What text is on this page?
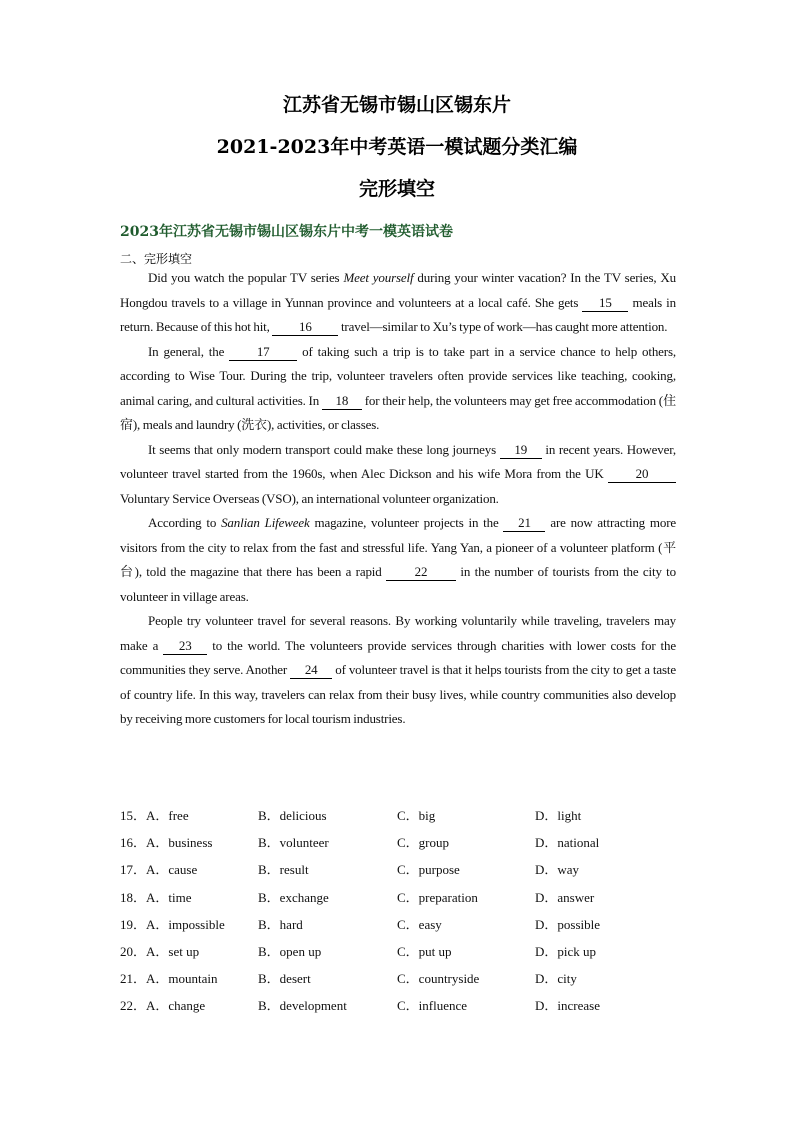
江苏省无锡市锡山区锡东片
2021-2023年中考英语一模试题分类汇编
完形填空
2023年江苏省无锡市锡山区锡东片中考一模英语试卷
二、完形填空

Did you watch the popular TV series Meet yourself during your winter vacation? In the TV series, Xu Hongdou travels to a village in Yunnan province and volunteers at a local café. She gets 15 meals in return. Because of this hot hit, 16 travel—similar to Xu’s type of work—has caught more attention.

In general, the 17 of taking such a trip is to take part in a service chance to help others, according to Wise Tour. During the trip, volunteer travelers often provide services like teaching, cooking, animal caring, and cultural activities. In 18 for their help, the volunteers may get free accommodation (住宿), meals and laundry (洗衣), activities, or classes.

It seems that only modern transport could make these long journeys 19 in recent years. However, volunteer travel started from the 1960s, when Alec Dickson and his wife Mora from the UK 20 Voluntary Service Overseas (VSO), an international volunteer organization.

According to Sanlian Lifeweek magazine, volunteer projects in the 21 are now attracting more visitors from the city to relax from the fast and stressful life. Yang Yan, a pioneer of a volunteer platform (平台), told the magazine that there has been a rapid 22 in the number of tourists from the city to volunteer in village areas.

People try volunteer travel for several reasons. By working voluntarily while traveling, travelers may make a 23 to the world. The volunteers provide services through charities with lower costs for the communities they serve. Another 24 of volunteer travel is that it helps tourists from the city to get a taste of country life. In this way, travelers can relax from their busy lives, while country communities also develop by receiving more customers for local tourism industries.

15．A．free	B．delicious	C．big	D．light
16．A．business	B．volunteer	C．group	D．national
17．A．cause	B．result	C．purpose	D．way
18．A．time	B．exchange	C．preparation	D．answer
19．A．impossible	B．hard	C．easy	D．possible
20．A．set up	B．open up	C．put up	D．pick up
21．A．mountain	B．desert	C．countryside	D．city
22．A．change	B．development	C．influence	D．increase
